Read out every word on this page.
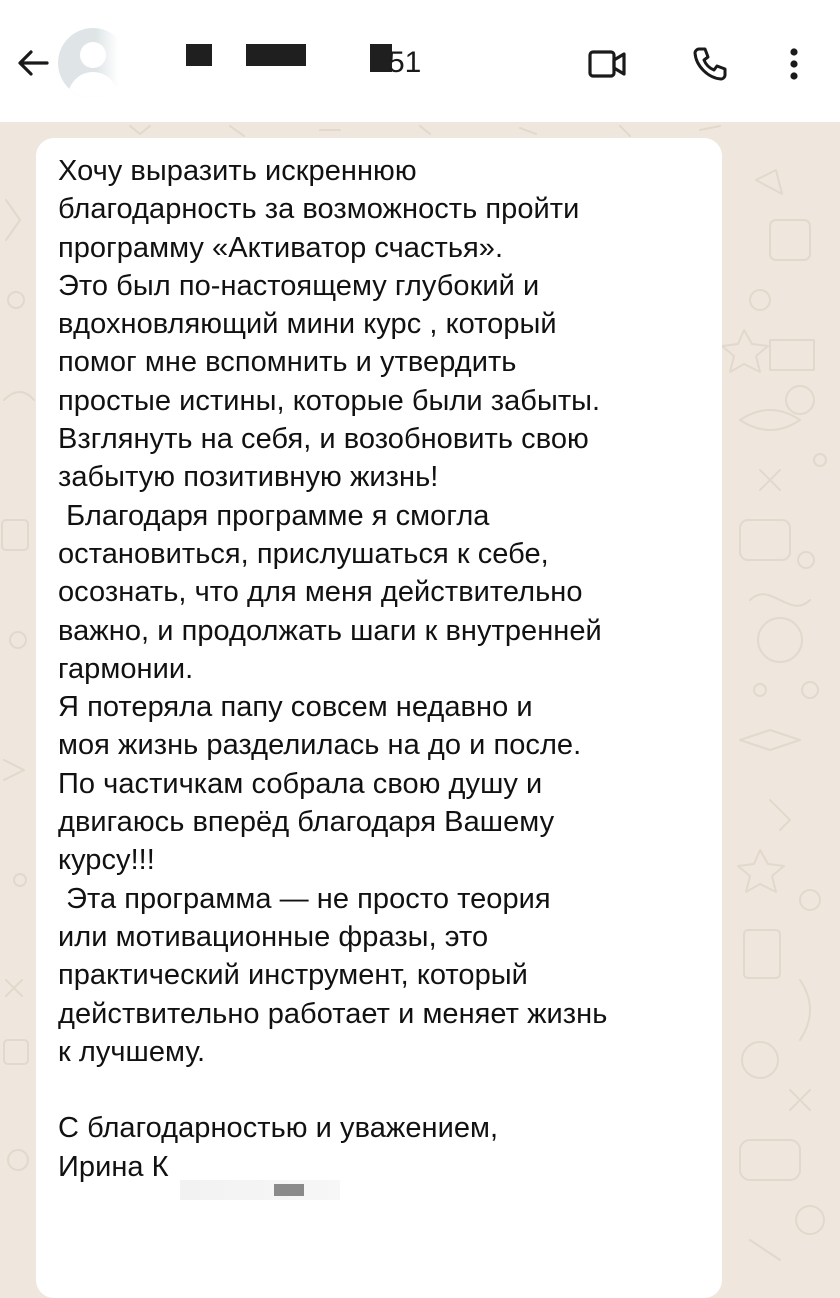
51

Хочу выразить искреннюю
благодарность за возможность пройти
программу «Активатор счастья».
Это был по-настоящему глубокий и
вдохновляющий мини курс , который
помог мне вспомнить и утвердить
простые истины, которые были забыты.
Взглянуть на себя, и возобновить свою
забытую позитивную жизнь!
Благодаря программе я смогла
остановиться, прислушаться к себе,
осознать, что для меня действительно
важно, и продолжать шаги к внутренней
гармонии.
Я потеряла папу совсем недавно и
моя жизнь разделилась на до и после.
По частичкам собрала свою душу и
двигаюсь вперёд благодаря Вашему
курсу!!!
Эта программа — не просто теория
или мотивационные фразы, это
практический инструмент, который
действительно работает и меняет жизнь
к лучшему.

С благодарностью и уважением,
Ирина К
